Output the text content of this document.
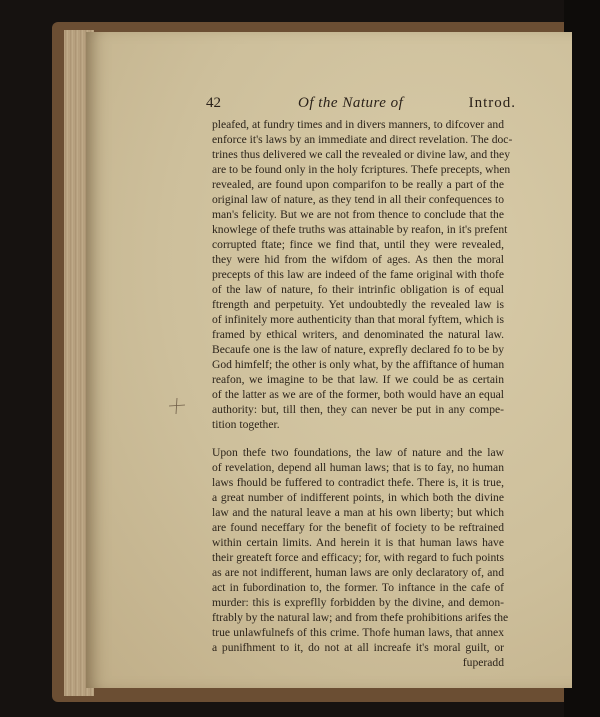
42	Of the Nature of	Introd.
pleafed, at fundry times and in divers manners, to difcover and
enforce it's laws by an immediate and direct revelation. The doc-
trines thus delivered we call the revealed or divine law, and they
are to be found only in the holy fcriptures. Thefe precepts, when
revealed, are found upon comparifon to be really a part of the
original law of nature, as they tend in all their confequences to
man's felicity. But we are not from thence to conclude that the
knowlege of thefe truths was attainable by reafon, in it's prefent
corrupted ftate; fince we find that, until they were revealed,
they were hid from the wifdom of ages. As then the moral
precepts of this law are indeed of the fame original with thofe
of the law of nature, fo their intrinfic obligation is of equal
ftrength and perpetuity. Yet undoubtedly the revealed law is
of infinitely more authenticity than that moral fyftem, which is
framed by ethical writers, and denominated the natural law.
Becaufe one is the law of nature, exprefly declared fo to be by
God himfelf; the other is only what, by the affiftance of human
reafon, we imagine to be that law. If we could be as certain
of the latter as we are of the former, both would have an equal
authority: but, till then, they can never be put in any compe-
tition together.
Upon thefe two foundations, the law of nature and the law
of revelation, depend all human laws; that is to fay, no human
laws fhould be fuffered to contradict thefe. There is, it is true,
a great number of indifferent points, in which both the divine
law and the natural leave a man at his own liberty; but which
are found neceffary for the benefit of fociety to be reftrained
within certain limits. And herein it is that human laws have
their greateft force and efficacy; for, with regard to fuch points
as are not indifferent, human laws are only declaratory of, and
act in fubordination to, the former. To inftance in the cafe of
murder: this is expreflly forbidden by the divine, and demon-
ftrably by the natural law; and from thefe prohibitions arifes the
true unlawfulnefs of this crime. Thofe human laws, that annex
a punifhment to it, do not at all increafe it's moral guilt, or
fuperadd
